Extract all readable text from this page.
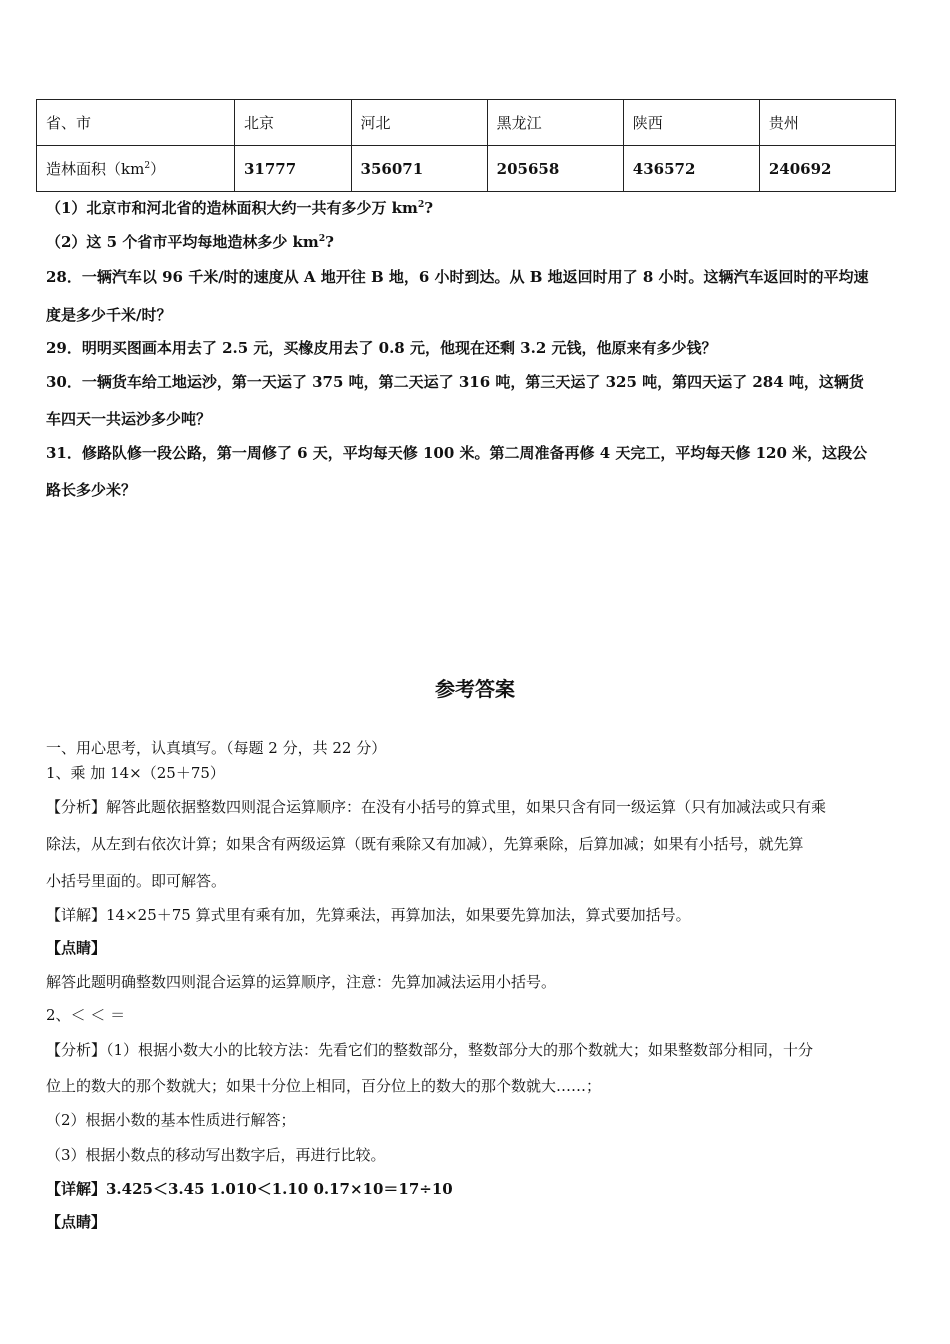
省、市	北京	河北	黑龙江	陕西	贵州
造林面积$(km^2)$	31777	356071	205658	436572	240692
（1）北京市和河北省的造林面积大约一共有多少万 $km^2$?
（2）这 5 个省市平均每地造林多少 $km^2$?
28．一辆汽车以 96 千米/时的速度从 A 地开往 B 地，6 小时到达。从 B 地返回时用了 8 小时。这辆汽车返回时的平均速
度是多少千米/时？
29．明明买图画本用去了 2.5 元，买橡皮用去了 0.8 元，他现在还剩 3.2 元钱，他原来有多少钱？
30．一辆货车给工地运沙，第一天运了 375 吨，第二天运了 316 吨，第三天运了 325 吨，第四天运了 284 吨，这辆货
车四天一共运沙多少吨？
31．修路队修一段公路，第一周修了 6 天，平均每天修 100 米。第二周准备再修 4 天完工，平均每天修 120 米，这段公
路长多少米？
参考答案
一、用心思考，认真填写。（每题 2 分，共 22 分）
1、乘 加 14×（25＋75）
【分析】解答此题依据整数四则混合运算顺序：在没有小括号的算式里，如果只含有同一级运算（只有加减法或只有乘
除法，从左到右依次计算；如果含有两级运算（既有乘除又有加减），先算乘除，后算加减；如果有小括号，就先算
小括号里面的。即可解答。
【详解】14×25＋75 算式里有乘有加，先算乘法，再算加法，如果要先算加法，算式要加括号。
【点睛】
解答此题明确整数四则混合运算的运算顺序，注意：先算加减法运用小括号。
2、＜ ＜ ＝
【分析】（1）根据小数大小的比较方法：先看它们的整数部分，整数部分大的那个数就大；如果整数部分相同，十分
位上的数大的那个数就大；如果十分位上相同，百分位上的数大的那个数就大……；
（2）根据小数的基本性质进行解答；
（3）根据小数点的移动写出数字后，再进行比较。
【详解】3.425＜3.45 1.010＜1.10 0.17×10＝17÷10
【点睛】
